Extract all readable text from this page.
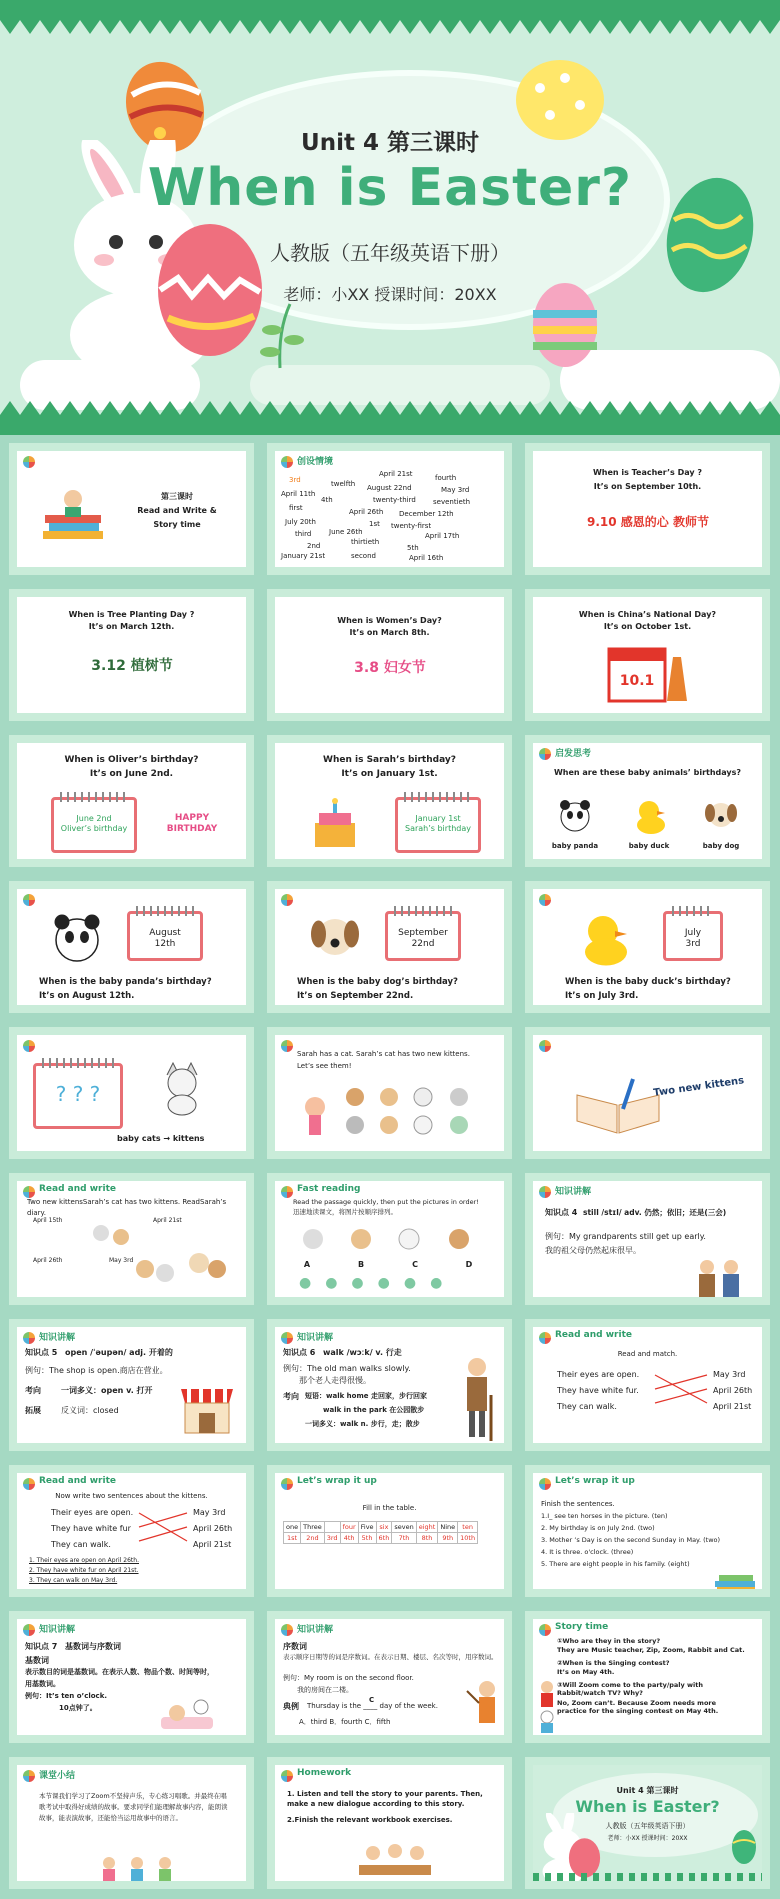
Unit 4 第三课时
When is Easter?
人教版（五年级英语下册）
老师：小XX 授课时间：20XX
第三课时
Read and Write &
Story time
创设情境
3rd	twelfth
April 21st	fourth
April 11th
August 22nd	May 3rd
4th	twenty-third
first
seventieth
April 26th December 12th
July 20th	1st twenty-first
third	June 26th	April 17th
2nd	thirtieth
5th
January 21st	second	April 16th
When is Teacher’s Day ?
It’s on September 10th.
9.10 感恩的心 教师节
When is Tree Planting Day ?
It’s on March 12th.
3.12 植树节
When is Women’s Day?
It’s on March 8th.
3.8 妇女节
When is China’s National Day?
It’s on October 1st.
10.1
When is Oliver’s birthday?
It’s on June 2nd.
June 2nd
Oliver’s birthday
HAPPY BIRTHDAY
When is Sarah’s birthday?
It’s on January 1st.
January 1st
Sarah’s birthday
启发思考
When are these baby animals’ birthdays?
baby panda	baby duck	baby dog
August
12th
When is the baby panda’s birthday?
It’s on August 12th.
September
22nd
When is the baby dog’s birthday?
It’s on September 22nd.
July
3rd
When is the baby duck’s birthday?
It’s on July 3rd.
? ? ?
baby cats → kittens
Sarah has a cat. Sarah’s cat has two new kittens.
Let’s see them!
Two new kittens
Read and write
Two new kittensSarah’s cat has two kittens. ReadSarah’s diary.
April 15th	April 21st
April 26th	May 3rd
Fast reading
Read the passage quickly, then put the pictures in order!
迅速地读课文，将图片按顺序排列。
A	B	C	D
●●●●●●
知识讲解
知识点 4 still /stɪl/ adv. 仍然；依旧；还是(三会)
例句：My grandparents still get up early.
我的祖父母仍然起床很早。
知识讲解
知识点 5 open /ˈəupən/ adj. 开着的
例句：The shop is open.商店在营业。
考向	一词多义：open v. 打开
拓展	反义词：closed
知识讲解
知识点 6 walk /wɔːk/ v. 行走
例句：The old man walks slowly.
那个老人走得很慢。
考向 短语：walk home 走回家，步行回家
walk in the park 在公园散步
一词多义：walk n. 步行，走；散步
Read and write
Read and match.
Their eyes are open.
They have white fur.
They can walk.
May 3rd
April 26th
April 21st
Read and write
Now write two sentences about the kittens.
Their eyes are open.
They have white fur
They can walk.
May 3rd
April 26th
April 21st
1. Their eyes are open on April 26th.
2. They have white fur on April 21st.
3. They can walk on May 3rd.
Let’s wrap it up
Fill in the table.
one	Three		four	Five	six	seven	eight	Nine	ten
1st	2nd	3rd	4th	5th	6th	7th	8th	9th	10th
Let’s wrap it up
Finish the sentences.
1.I_ see ten horses in the picture. (ten)
2. My birthday is on July 2nd. (two)
3. Mother ’s Day is on the second Sunday in May. (two)
4. It is three. o'clock. (three)
5. There are eight people in his family. (eight)
知识讲解
知识点 7 基数词与序数词
基数词
表示数目的词是基数词。在表示人数、物品个数、时间等时，
用基数词。
例句：It’s ten o’clock.
10点钟了。
知识讲解
序数词
表示顺序日期等的词是序数词。在表示日期、楼层、名次等时，用序数词。
例句：My room is on the second floor.
我的房间在二楼。
典例 Thursday is the ____ day of the week.
C
A．third B．fourth C．fifth
Story time
①Who are they in the story?
They are Music teacher, Zip, Zoom, Rabbit and Cat.
②When is the Singing contest?
It’s on May 4th.
③Will Zoom come to the party/paly with Rabbit/watch TV? Why?
No, Zoom can’t. Because Zoom needs more practice for the singing contest on May 4th.
课堂小结
本节课我们学习了Zoom不坚持声乐，专心练习唱歌。并最终在唱歌考试中取得好成绩的故事。要求同学们能理解故事内容，能朗读故事，能表演故事，还能恰当运用故事中的语言。
Homework
1. Listen and tell the story to your parents. Then, make a new dialogue according to this story.
2.Finish the relevant workbook exercises.
Unit 4 第三课时
When is Easter?
人教版（五年级英语下册）
老师：小XX 授课时间：20XX
